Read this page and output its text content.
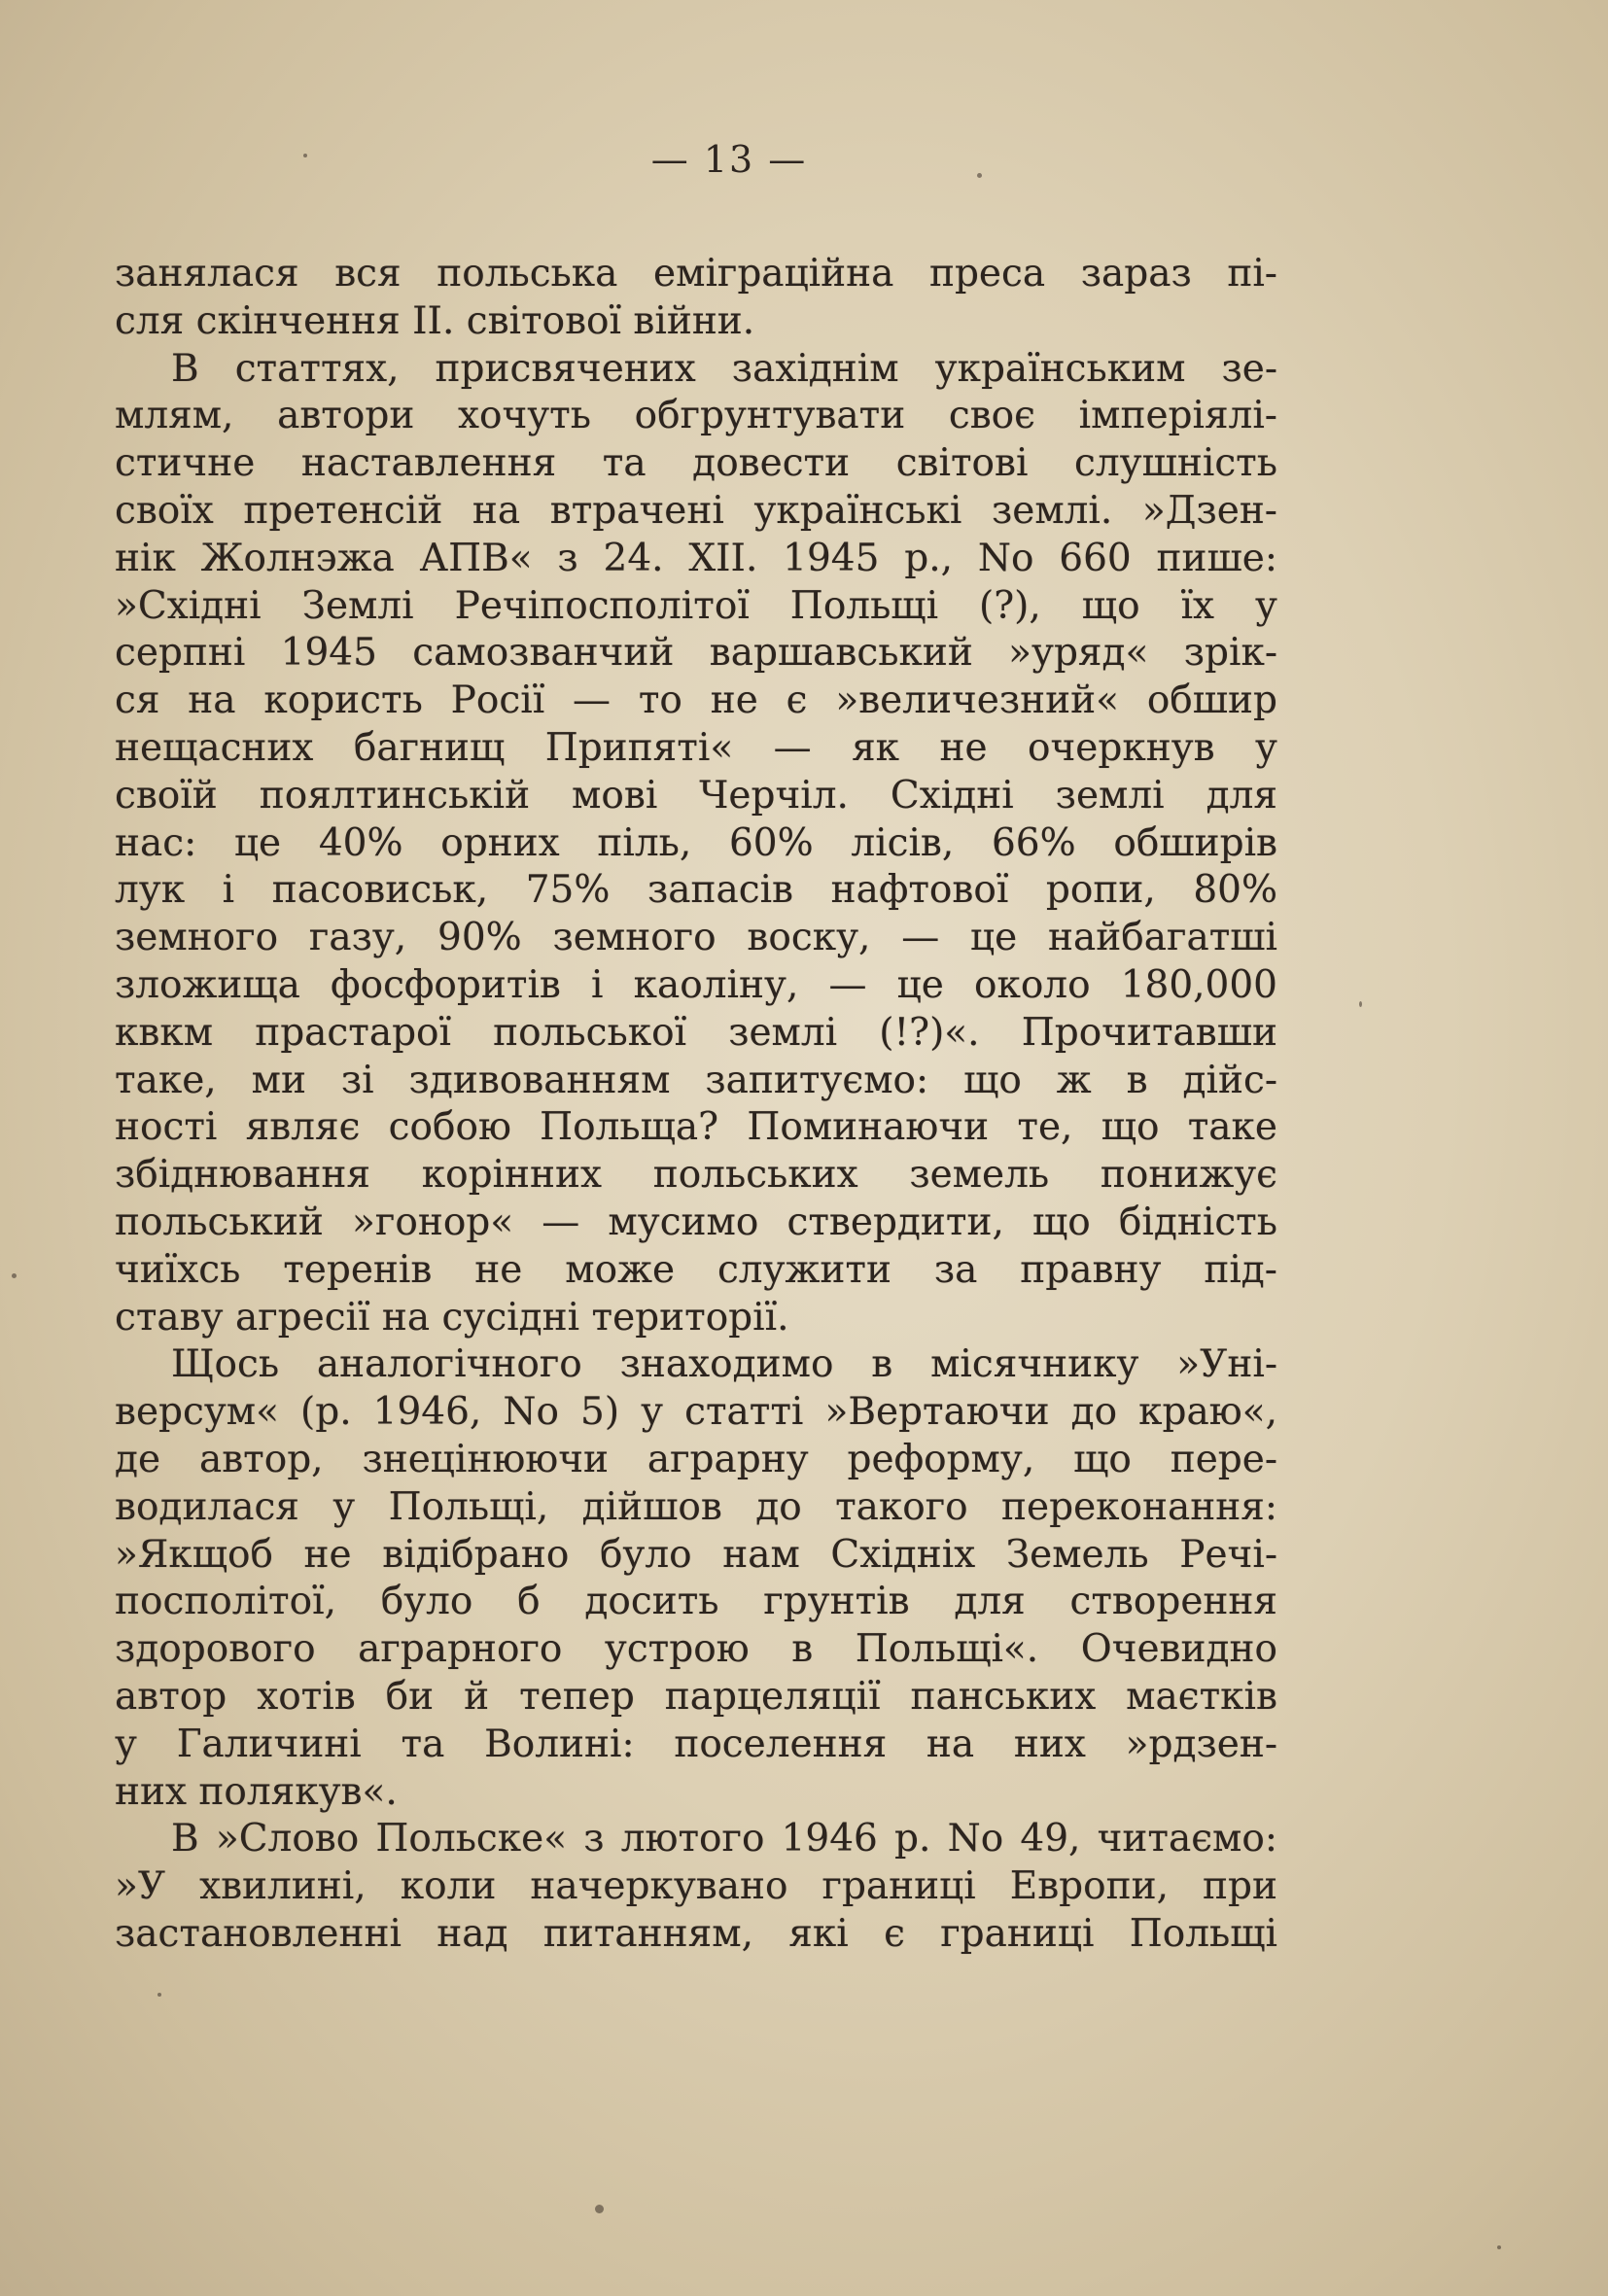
— 13 —

занялася вся польська еміграційна преса зараз пі-
сля скінчення II. світової війни.

В статтях, присвячених західнім українським зе-
млям, автори хочуть обгрунтувати своє імперіялі-
стичне наставлення та довести світові слушність
своїх претенсій на втрачені українські землі. »Дзен-
нік Жолнэжа АПВ« з 24. XII. 1945 р., No 660 пише:
»Східні Землі Речіпосполітої Польщі (?), що їх у
серпні 1945 самозванчий варшавський »уряд« зрік-
ся на користь Росії — то не є »величезний« обшир
нещасних багнищ Припяті« — як не очеркнув у
своїй поялтинській мові Черчіл. Східні землі для
нас: це 40% орних піль, 60% лісів, 66% обширів
лук і пасовиськ, 75% запасів нафтової ропи, 80%
земного газу, 90% земного воску, — це найбагатші
зложища фосфоритів і каоліну, — це около 180,000
квкм прастарої польської землі (!?)«. Прочитавши
таке, ми зі здивованням запитуємо: що ж в дійс-
ності являє собою Польща? Поминаючи те, що таке
збіднювання корінних польських земель понижує
польський »гонор« — мусимо ствердити, що бідність
чиїхсь теренів не може служити за правну під-
ставу агресії на сусідні території.

Щось аналогічного знаходимо в місячнику »Уні-
версум« (р. 1946, No 5) у статті »Вертаючи до краю«,
де автор, знецінюючи аграрну реформу, що пере-
водилася у Польщі, дійшов до такого переконання:
»Якщоб не відібрано було нам Східніх Земель Речі-
посполітої, було б досить грунтів для створення
здорового аграрного устрою в Польщі«. Очевидно
автор хотів би й тепер парцеляції панських маєтків
у Галичині та Волині: поселення на них »рдзен-
них полякув«.

В »Слово Польске« з лютого 1946 р. No 49, читаємо:
»У хвилині, коли начеркувано границі Европи, при
застановленні над питанням, які є границі Польщі
